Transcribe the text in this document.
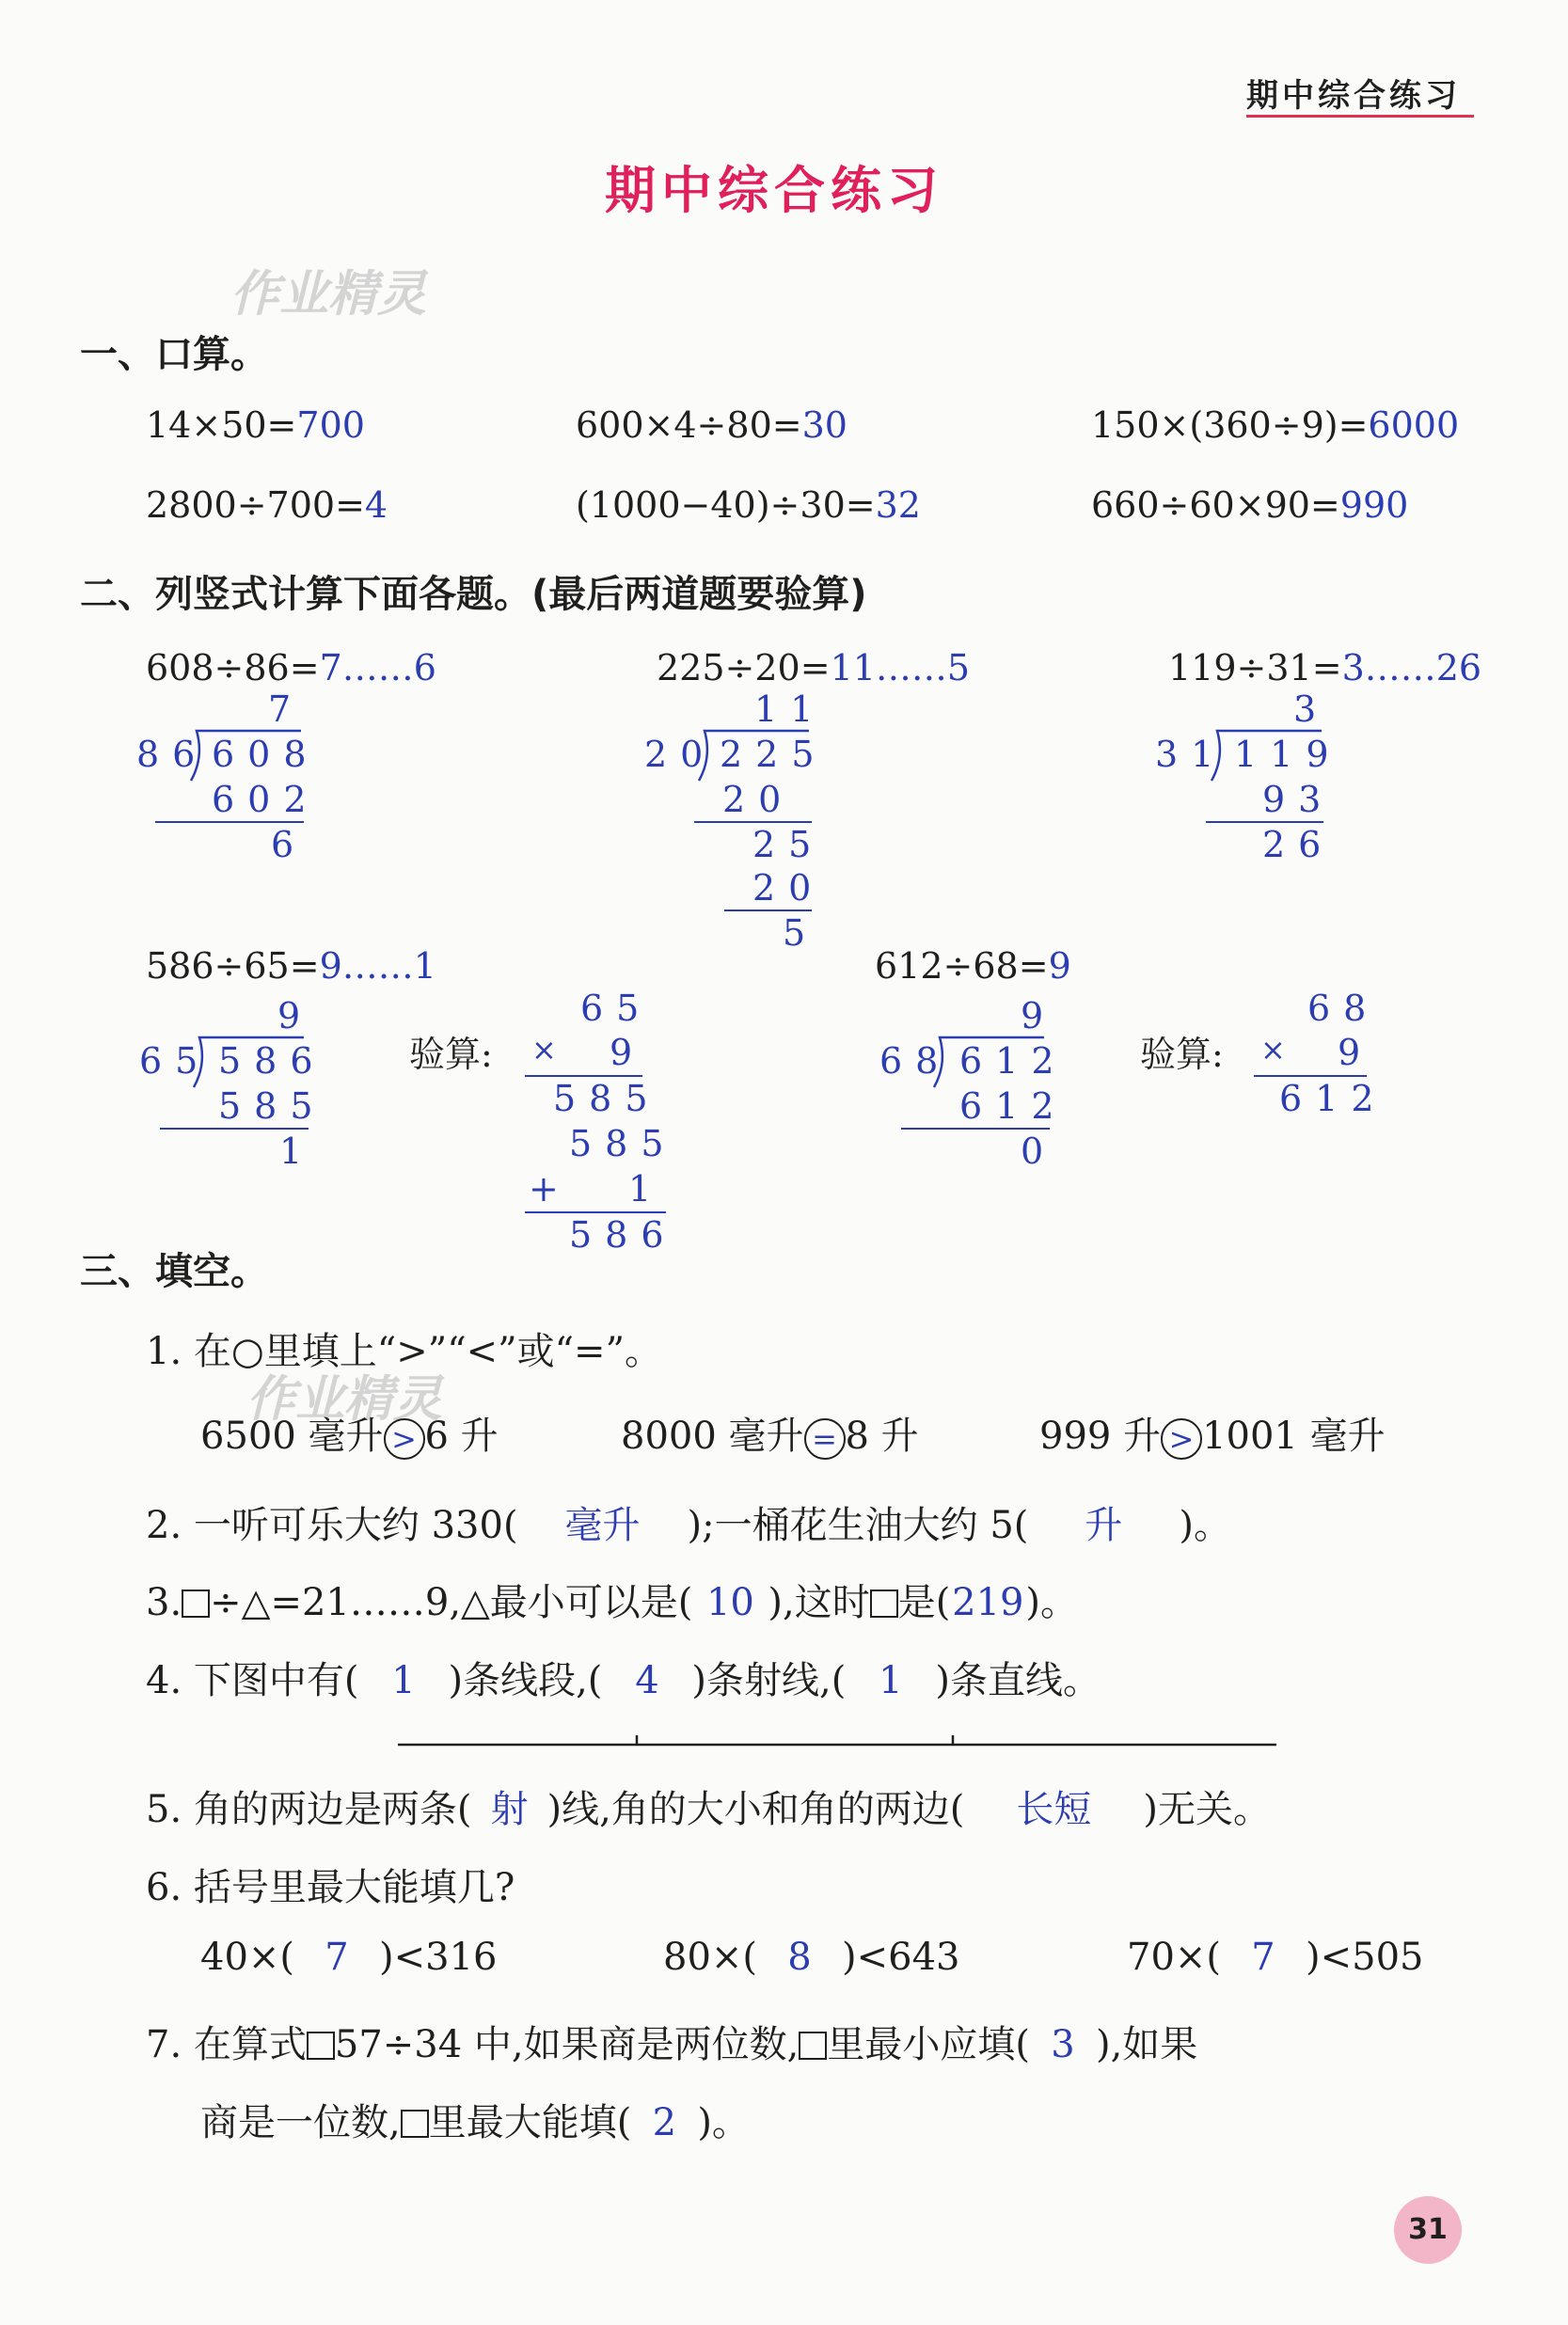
期中综合练习
期中综合练习
作业精灵
一、口算。
14×50=700	600×4÷80=30	150×(360÷9)=6000
2800÷700=4	(1000−40)÷30=32	660÷60×90=990
二、列竖式计算下面各题。(最后两道题要验算)
608÷86=7……6
7
86 608
602
6
225÷20=11……5
11
20 225
20
25
20
5
119÷31=3……26
3
31 119
93
26
586÷65=9……1
9
65 586
585
1
验算:
65
× 9
585
585
+ 1
586
612÷68=9
9
68 612
612
0
验算:
68
× 9
612
三、填空。
1. 在○里填上“>”“<”或“=”。
作业精灵
6500 毫升 > 6 升	8000 毫升 = 8 升	999 升 > 1001 毫升
2. 一听可乐大约 330( 毫升 );一桶花生油大约 5( 升 )。
3. ÷△=21……9,△最小可以是( 10 ),这时 是(219)。
4. 下图中有( 1 )条线段,( 4 )条射线,( 1 )条直线。
5. 角的两边是两条( 射 )线,角的大小和角的两边( 长短 )无关。
6. 括号里最大能填几?
40×( 7 )<316	80×( 8 )<643	70×( 7 )<505
7. 在算式 57÷34 中,如果商是两位数, 里最小应填( 3 ),如果
商是一位数, 里最大能填( 2 )。
31
